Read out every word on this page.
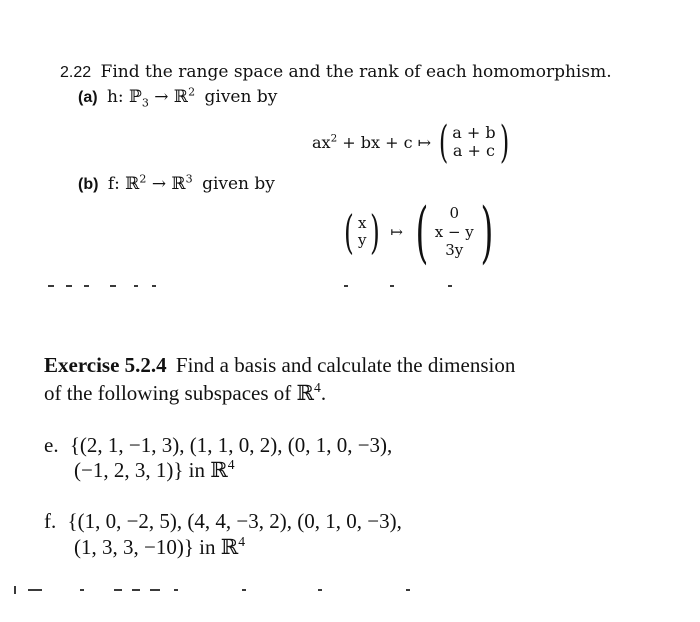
2.22 Find the range space and the rank of each homomorphism.
(a) h: ℙ$_3$ → ℝ$^2$ given by
$ax^2$ + bx + c ↦ ( a + b
a + c )
(b) f: ℝ$^2$ → ℝ$^3$ given by
( x
y ) ↦ ( 0
x − y
3y )
Exercise 5.2.4 Find a basis and calculate the dimension
of the following subspaces of ℝ$^4$.
e. {(2, 1, −1, 3), (1, 1, 0, 2), (0, 1, 0, −3),
(−1, 2, 3, 1)} in ℝ$^4$
f. {(1, 0, −2, 5), (4, 4, −3, 2), (0, 1, 0, −3),
(1, 3, 3, −10)} in ℝ$^4$
